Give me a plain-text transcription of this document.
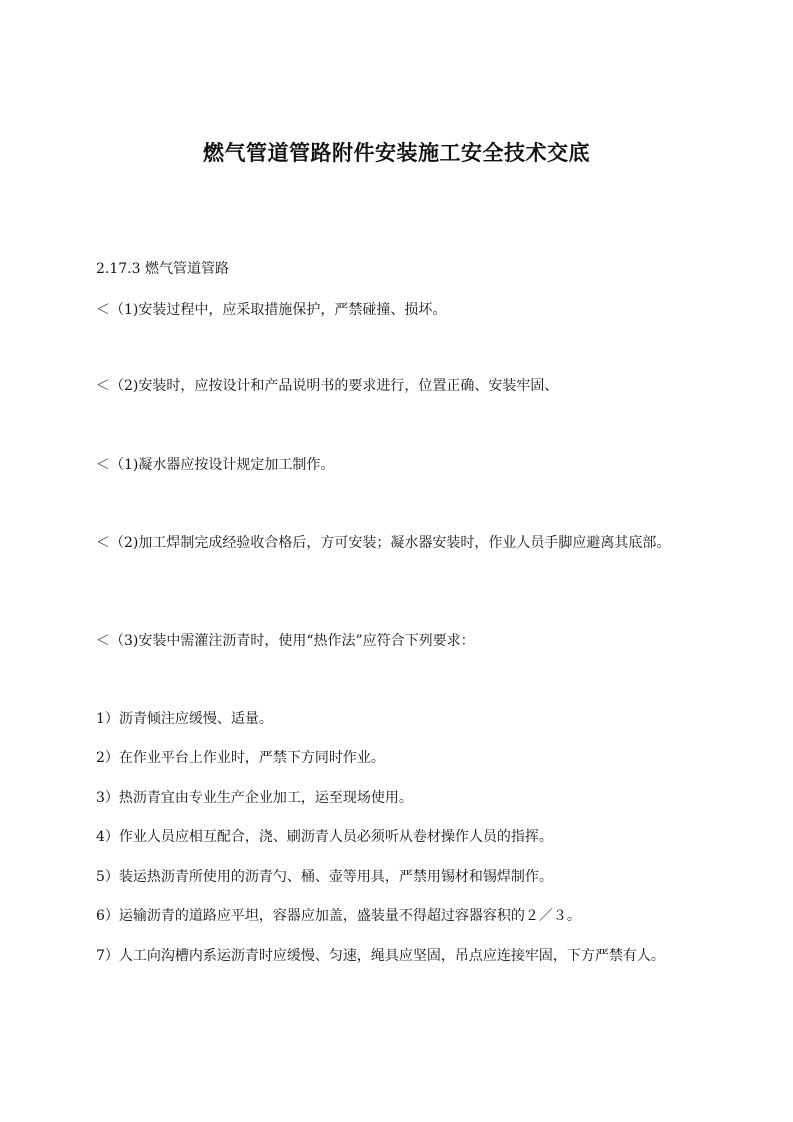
燃气管道管路附件安装施工安全技术交底
2.17.3 燃气管道管路
＜（1)安装过程中，应采取措施保护，严禁碰撞、损坏。
＜（2)安装时，应按设计和产品说明书的要求进行，位置正确、安装牢固、
＜（1)凝水器应按设计规定加工制作。
＜（2)加工焊制完成经验收合格后，方可安装；凝水器安装时，作业人员手脚应避离其底部。
＜（3)安装中需灌注沥青时，使用“热作法”应符合下列要求：
1）沥青倾注应缓慢、适量。
2）在作业平台上作业时，严禁下方同时作业。
3）热沥青宜由专业生产企业加工，运至现场使用。
4）作业人员应相互配合，浇、刷沥青人员必须听从卷材操作人员的指挥。
5）装运热沥青所使用的沥青勺、桶、壶等用具，严禁用锡材和锡焊制作。
6）运输沥青的道路应平坦，容器应加盖，盛装量不得超过容器容积的２／３。
7）人工向沟槽内系运沥青时应缓慢、匀速，绳具应坚固，吊点应连接牢固，下方严禁有人。
